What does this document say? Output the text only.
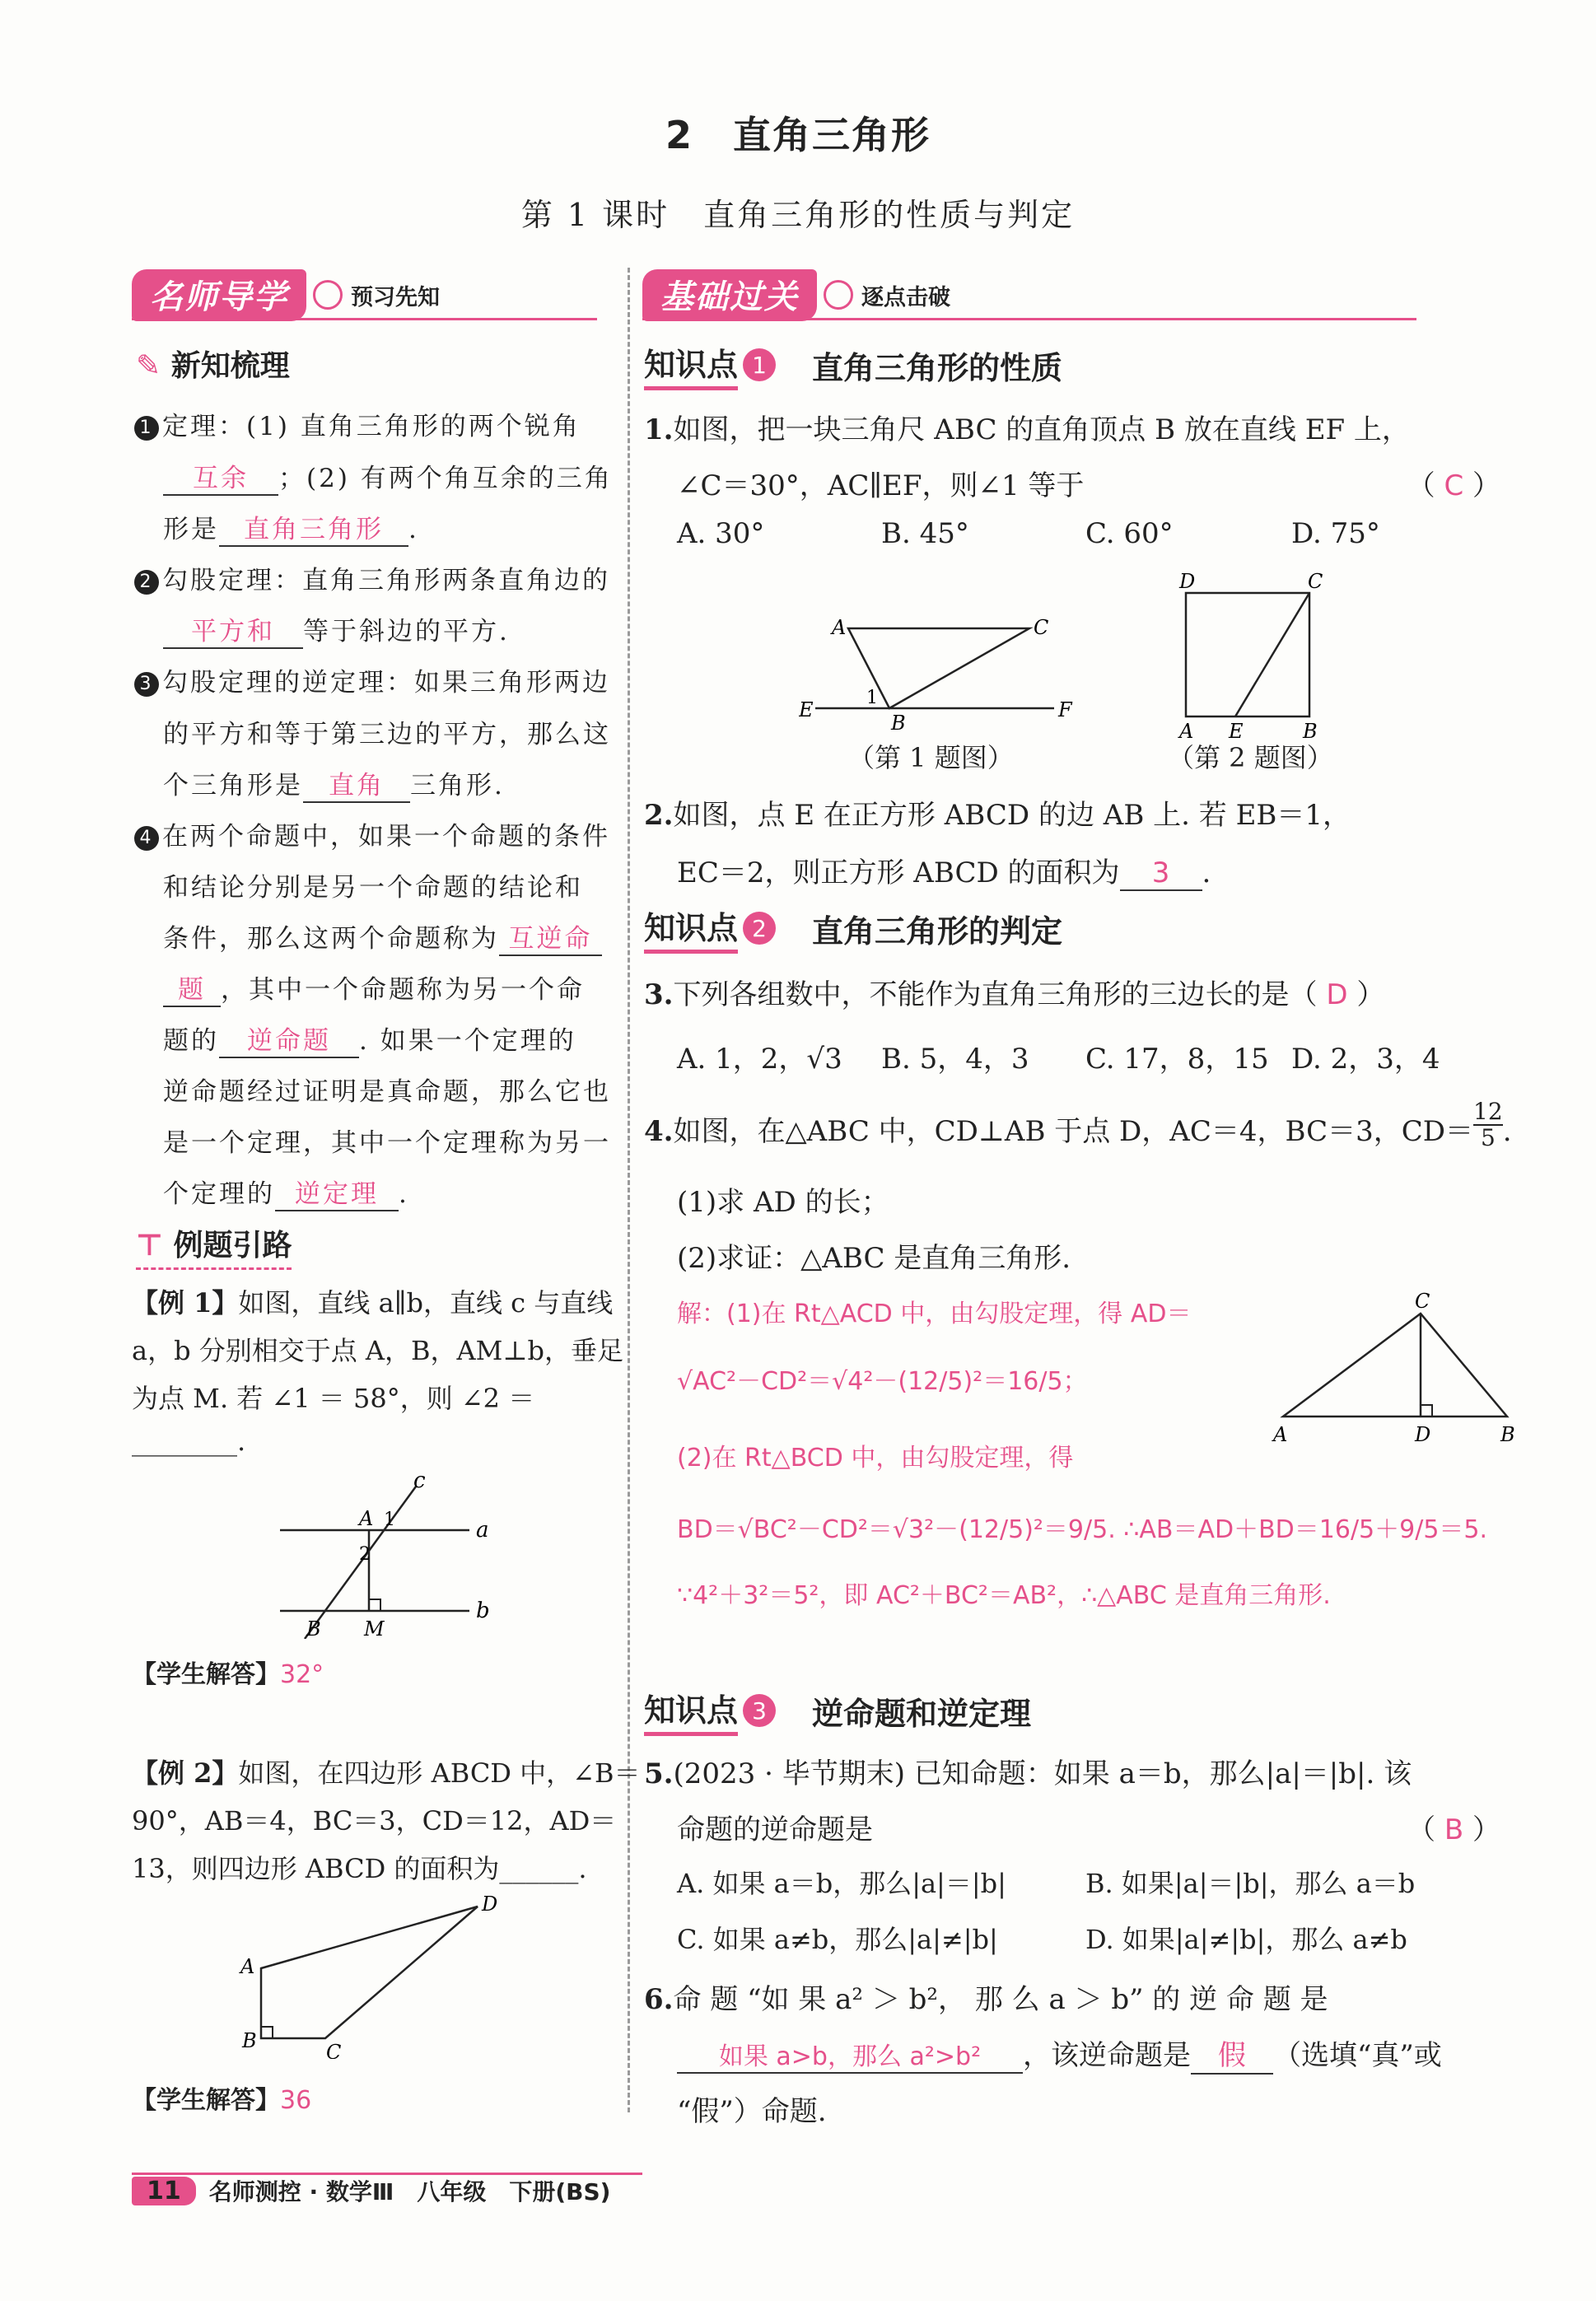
2　直角三角形
第 1 课时　直角三角形的性质与判定
名师导学	预习先知
✎ 新知梳理
1 定理：(1) 直角三角形的两个锐角
互余 ；(2) 有两个角互余的三角
形是 直角三角形 .
2 勾股定理：直角三角形两条直角边的
平方和 等于斜边的平方.
3 勾股定理的逆定理：如果三角形两边
的平方和等于第三边的平方，那么这
个三角形是 直角 三角形.
4 在两个命题中，如果一个命题的条件
和结论分别是另一个命题的结论和
条件，那么这两个命题称为 互逆命
题 ，其中一个命题称为另一个命
题的 逆命题 . 如果一个定理的
逆命题经过证明是真命题，那么它也
是一个定理，其中一个定理称为另一
个定理的 逆定理 .
⊤ 例题引路
【例 1】如图，直线 a∥b，直线 c 与直线
a，b 分别相交于点 A，B，AM⊥b，垂足
为点 M. 若 ∠1 ＝ 58°，则 ∠2 ＝
________.
a
b
c
A 1
2
B M
【学生解答】32°
【例 2】如图，在四边形 ABCD 中，∠B＝
90°，AB＝4，BC＝3，CD＝12，AD＝
13，则四边形 ABCD 的面积为______.
A
B	C
D
【学生解答】36
基础过关	逐点击破
知识点 1 直角三角形的性质
1.如图，把一块三角尺 ABC 的直角顶点 B 放在直线 EF 上，
∠C＝30°，AC∥EF，则∠1 等于	（ C ）
A. 30°	B. 45°	C. 60°	D. 75°
A	C
E
B
F
1
（第 1 题图）
D	C
A E	B
（第 2 题图）
2.如图，点 E 在正方形 ABCD 的边 AB 上. 若 EB＝1，
EC＝2，则正方形 ABCD 的面积为 3 .
知识点 2 直角三角形的判定
3.下列各组数中，不能作为直角三角形的三边长的是（ D ）
A. 1，2，√3 B. 5，4，3 C. 17，8，15 D. 2，3，4
4.如图，在△ABC 中，CD⊥AB 于点 D，AC＝4，BC＝3，$CD= \frac{12}{5}$ .
(1)求 AD 的长；
(2)求证：△ABC 是直角三角形.
解：(1)在 Rt△ACD 中，由勾股定理，得 AD＝
√AC²－CD²＝√4²－(12/5)²＝16/5；
(2)在 Rt△BCD 中，由勾股定理，得
BD＝√BC²－CD²＝√3²－(12/5)²＝9/5. ∴AB＝AD＋BD＝16/5＋9/5＝5.
∵4²＋3²＝5²，即 AC²＋BC²＝AB²，∴△ABC 是直角三角形.
C
A	D	B
知识点 3 逆命题和逆定理
5.(2023 · 毕节期末) 已知命题：如果 a＝b，那么|a|＝|b|. 该
命题的逆命题是	（ B ）
A. 如果 a＝b，那么|a|＝|b|	B. 如果|a|＝|b|，那么 a＝b
C. 如果 a≠b，那么|a|≠|b|	D. 如果|a|≠|b|，那么 a≠b
6.命 题 “如 果 a² ＞ b²， 那 么 a ＞ b” 的 逆 命 题 是
如果 a>b，那么 a²>b² ，该逆命题是 假 （选填“真”或
“假”）命题.
11	名师测控 · 数学Ⅲ　八年级　下册(BS)
